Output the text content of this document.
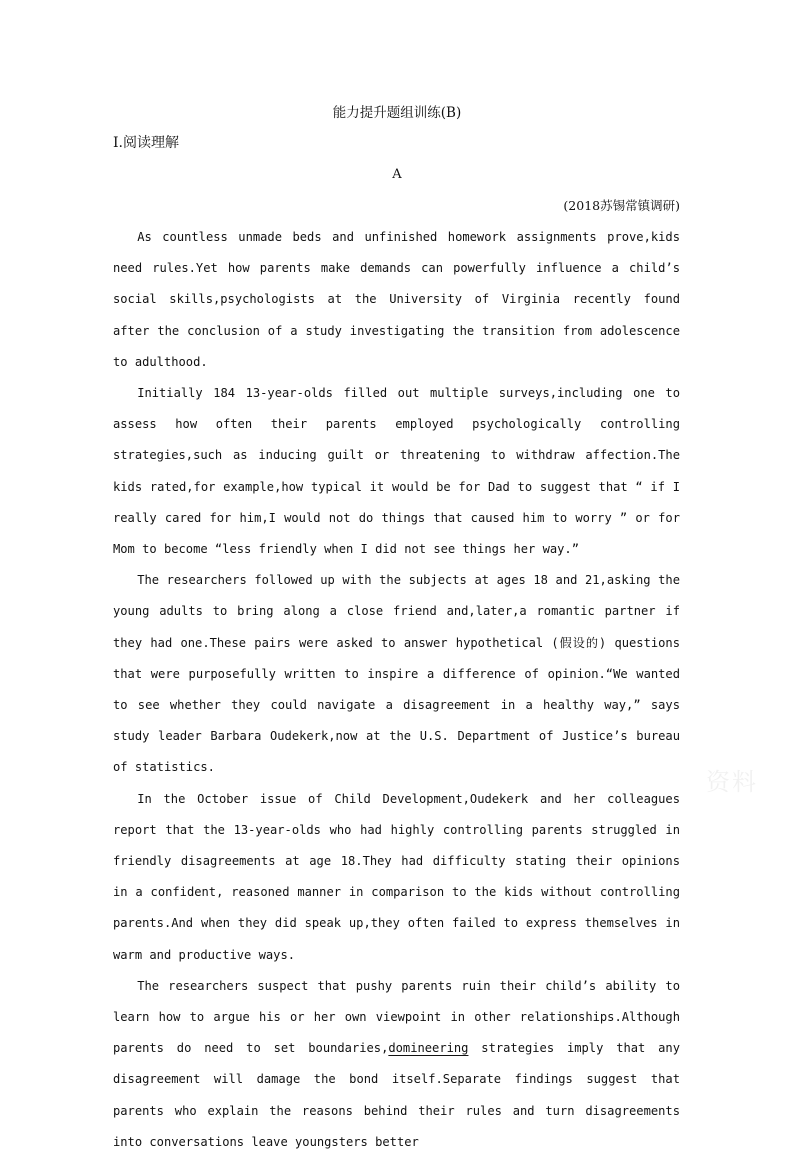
能力提升题组训练(B)
Ⅰ.阅读理解
A
(2018苏锡常镇调研)

As countless unmade beds and unfinished homework assignments prove,kids need rules.Yet how parents make demands can powerfully influence a child’s social skills,psychologists at the University of Virginia recently found after the conclusion of a study investigating the transition from adolescence to adulthood.

Initially 184 13-year-olds filled out multiple surveys,including one to assess how often their parents employed psychologically controlling strategies,such as inducing guilt or threatening to withdraw affection.The kids rated,for example,how typical it would be for Dad to suggest that “ if I really cared for him,I would not do things that caused him to worry ” or for Mom to become “less friendly when I did not see things her way.”

The researchers followed up with the subjects at ages 18 and 21,asking the young adults to bring along a close friend and,later,a romantic partner if they had one.These pairs were asked to answer hypothetical (假设的) questions that were purposefully written to inspire a difference of opinion.“We wanted to see whether they could navigate a disagreement in a healthy way,” says study leader Barbara Oudekerk,now at the U.S. Department of Justice’s bureau of statistics.

In the October issue of Child Development,Oudekerk and her colleagues report that the 13-year-olds who had highly controlling parents struggled in friendly disagreements at age 18.They had difficulty stating their opinions in a confident, reasoned manner in comparison to the kids without controlling parents.And when they did speak up,they often failed to express themselves in warm and productive ways.

The researchers suspect that pushy parents ruin their child’s ability to learn how to argue his or her own viewpoint in other relationships.Although parents do need to set boundaries,domineering strategies imply that any disagreement will damage the bond itself.Separate findings suggest that parents who explain the reasons behind their rules and turn disagreements into conversations leave youngsters better

资料
